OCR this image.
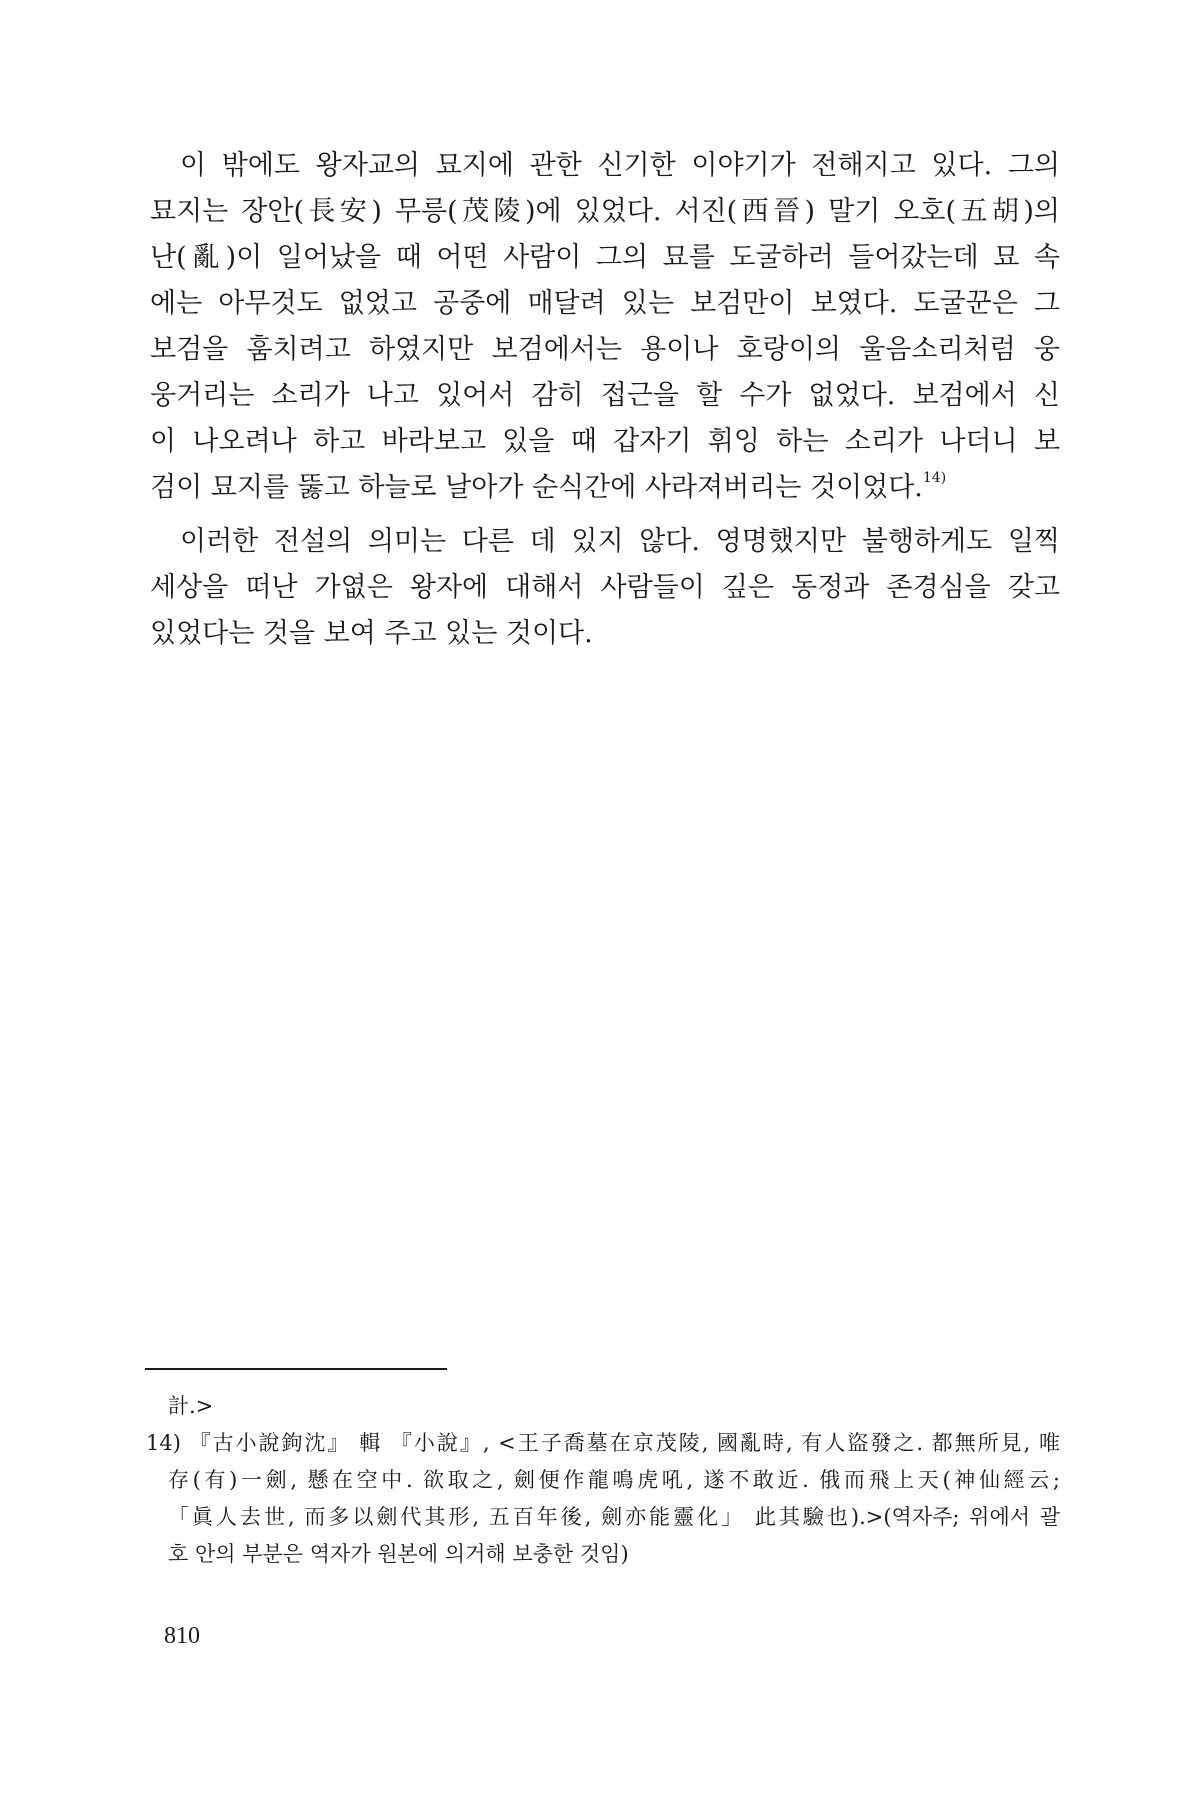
이 밖에도 왕자교의 묘지에 관한 신기한 이야기가 전해지고 있다. 그의
묘지는 장안(長安) 무릉(茂陵)에 있었다. 서진(西晉) 말기 오호(五胡)의
난(亂)이 일어났을 때 어떤 사람이 그의 묘를 도굴하러 들어갔는데 묘 속
에는 아무것도 없었고 공중에 매달려 있는 보검만이 보였다. 도굴꾼은 그
보검을 훔치려고 하였지만 보검에서는 용이나 호랑이의 울음소리처럼 웅
웅거리는 소리가 나고 있어서 감히 접근을 할 수가 없었다. 보검에서 신
이 나오려나 하고 바라보고 있을 때 갑자기 휘잉 하는 소리가 나더니 보
검이 묘지를 뚫고 하늘로 날아가 순식간에 사라져버리는 것이었다.$^{14)}$
이러한 전설의 의미는 다른 데 있지 않다. 영명했지만 불행하게도 일찍
세상을 떠난 가엾은 왕자에 대해서 사람들이 깊은 동정과 존경심을 갖고
있었다는 것을 보여 주고 있는 것이다.
計.>
14) 『古小說鉤沈』 輯 『小說』, <王子喬墓在京茂陵, 國亂時, 有人盜發之. 都無所見, 唯
存(有)一劍, 懸在空中. 欲取之, 劍便作龍鳴虎吼, 遂不敢近. 俄而飛上天(神仙經云;
「眞人去世, 而多以劍代其形, 五百年後, 劍亦能靈化」 此其驗也).>(역자주; 위에서 괄
호 안의 부분은 역자가 원본에 의거해 보충한 것임)
810
